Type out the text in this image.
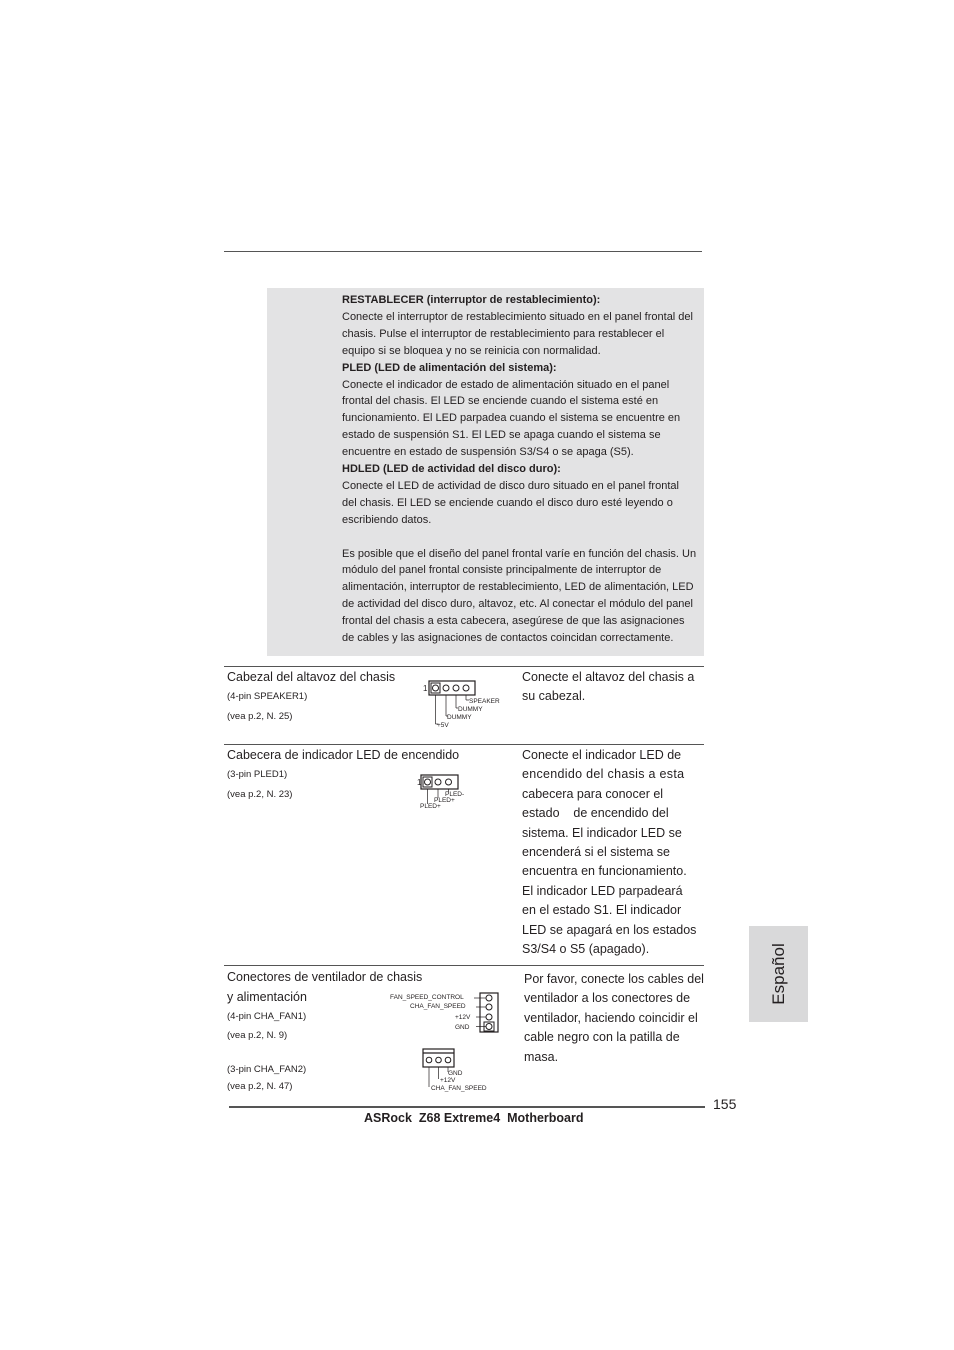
RESTABLECER (interruptor de restablecimiento):

Conecte el interruptor de restablecimiento situado en el panel frontal del

chasis. Pulse el interruptor de restablecimiento para restablecer el

equipo si se bloquea y no se reinicia con normalidad.

PLED (LED de alimentación del sistema):

Conecte el indicador de estado de alimentación situado en el panel

frontal del chasis. El LED se enciende cuando el sistema esté en

funcionamiento. El LED parpadea cuando el sistema se encuentre en

estado de suspensión S1. El LED se apaga cuando el sistema se

encuentre en estado de suspensión S3/S4 o se apaga (S5).

HDLED (LED de actividad del disco duro):

Conecte el LED de actividad de disco duro situado en el panel frontal

del chasis. El LED se enciende cuando el disco duro esté leyendo o

escribiendo datos.

Es posible que el diseño del panel frontal varíe en función del chasis. Un

módulo del panel frontal consiste principalmente de interruptor de

alimentación, interruptor de restablecimiento, LED de alimentación, LED

de actividad del disco duro, altavoz, etc. Al conectar el módulo del panel

frontal del chasis a esta cabecera, asegúrese de que las asignaciones

de cables y las asignaciones de contactos coincidan correctamente.

Cabezal del altavoz del chasis
(4-pin SPEAKER1)
(vea p.2, N. 25)
Conecte el altavoz del chasis a
su cabezal.
1
SPEAKER
DUMMY
DUMMY
+5V
Cabecera de indicador LED de encendido
(3-pin PLED1)
(vea p.2, N. 23)
Conecte el indicador LED de
encendido del chasis a esta
cabecera para conocer el
estado    de encendido del
sistema. El indicador LED se
encenderá si el sistema se
encuentra en funcionamiento.
El indicador LED parpadeará
en el estado S1. El indicador
LED se apagará en los estados
S3/S4 o S5 (apagado).
1
PLED-
PLED+
PLED+
Conectores de ventilador de chasis
y alimentación
(4-pin CHA_FAN1)
(vea p.2, N. 9)
(3-pin CHA_FAN2)
(vea p.2, N. 47)
Por favor, conecte los cables del
ventilador a los conectores de
ventilador, haciendo coincidir el
cable negro con la patilla de
masa.
FAN_SPEED_CONTROL
CHA_FAN_SPEED
+12V
GND
GND
+12V
CHA_FAN_SPEED
Español
155
ASRock  Z68 Extreme4  Motherboard
